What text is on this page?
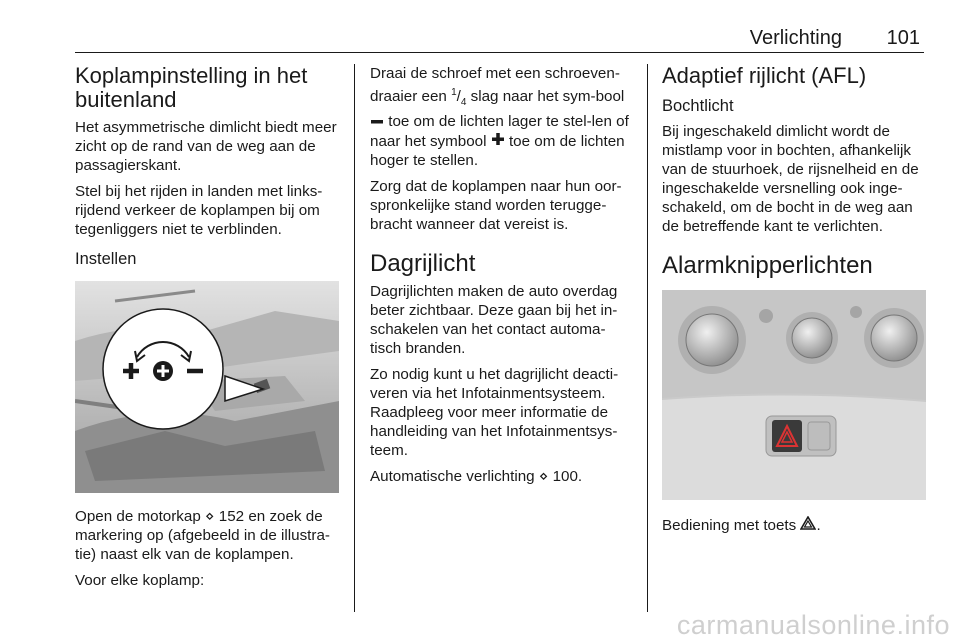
Verlichting 101
Koplampinstelling in het buitenland

Het asymmetrische dimlicht biedt meer zicht op de rand van de weg aan de passagierskant.

Stel bij het rijden in landen met links-rijdend verkeer de koplampen bij om tegenliggers niet te verblinden.

Instellen

Open de motorkap ⋄ 152 en zoek de markering op (afgebeeld in de illustra-tie) naast elk van de koplampen.

Voor elke koplamp:

Draai de schroef met een schroeven-draaier een $^1/_4$ slag naar het sym-bool  toe om de lichten lager te stel-len of naar het symbool  toe om de lichten hoger te stellen.

Zorg dat de koplampen naar hun oor-spronkelijke stand worden terugge-bracht wanneer dat vereist is.

Dagrijlicht

Dagrijlichten maken de auto overdag beter zichtbaar. Deze gaan bij het in-schakelen van het contact automa-tisch branden.

Zo nodig kunt u het dagrijlicht deacti-veren via het Infotainmentsysteem. Raadpleeg voor meer informatie de handleiding van het Infotainmentsys-teem.

Automatische verlichting ⋄ 100.

Adaptief rijlicht (AFL)
Bochtlicht

Bij ingeschakeld dimlicht wordt de mistlamp voor in bochten, afhankelijk van de stuurhoek, de rijsnelheid en de ingeschakelde versnelling ook inge-schakeld, om de bocht in de weg aan de betreffende kant te verlichten.

Alarmknipperlichten

Bediening met toets .

carmanualsonline.info
